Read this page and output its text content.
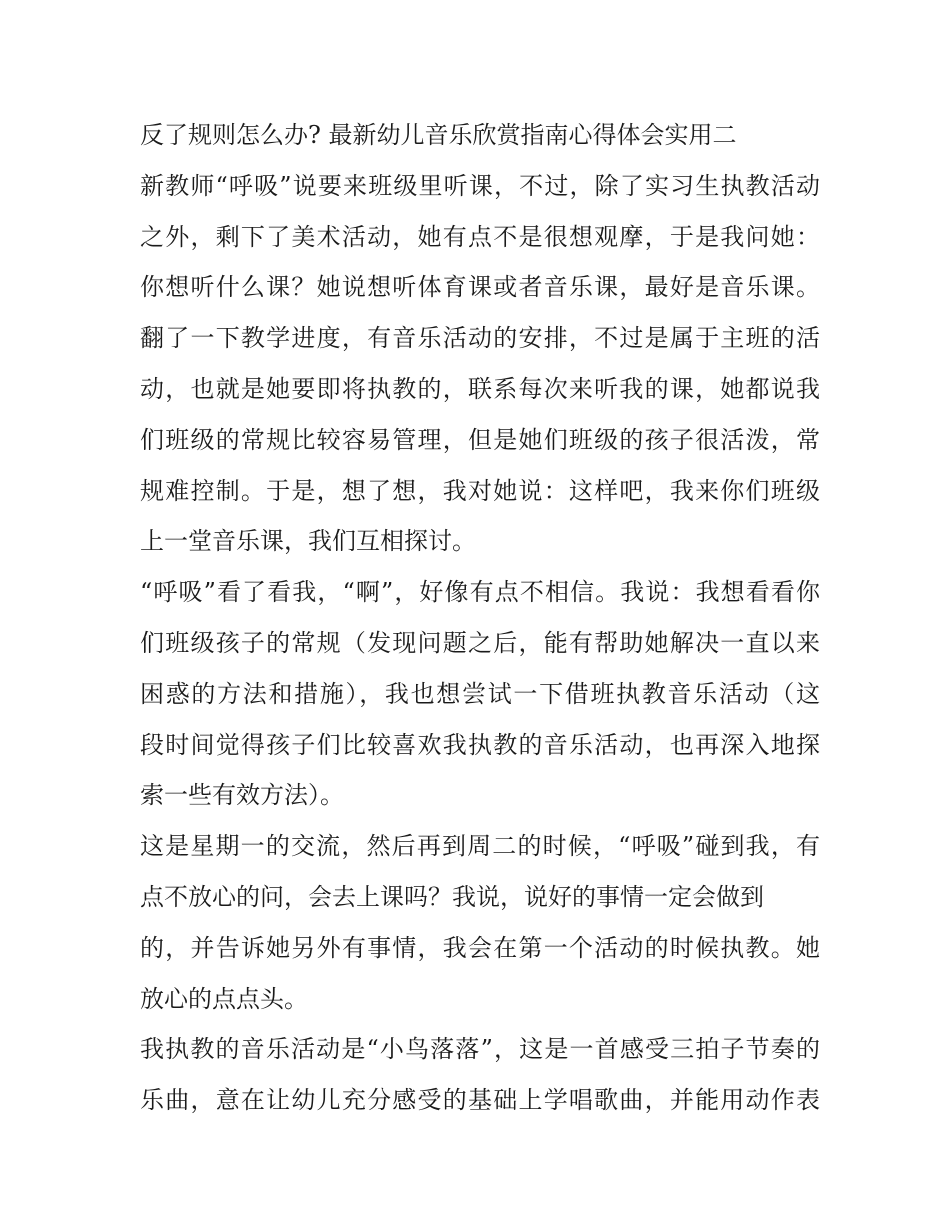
反了规则怎么办? 最新幼儿音乐欣赏指南心得体会实用二
新教师“呼吸”说要来班级里听课，不过，除了实习生执教活动
之外，剩下了美术活动，她有点不是很想观摩，于是我问她：
你想听什么课？她说想听体育课或者音乐课，最好是音乐课。
翻了一下教学进度，有音乐活动的安排，不过是属于主班的活
动，也就是她要即将执教的，联系每次来听我的课，她都说我
们班级的常规比较容易管理，但是她们班级的孩子很活泼，常
规难控制。于是，想了想，我对她说：这样吧，我来你们班级
上一堂音乐课，我们互相探讨。
“呼吸”看了看我，“啊”，好像有点不相信。我说：我想看看你
们班级孩子的常规（发现问题之后，能有帮助她解决一直以来
困惑的方法和措施），我也想尝试一下借班执教音乐活动（这
段时间觉得孩子们比较喜欢我执教的音乐活动，也再深入地探
索一些有效方法）。
这是星期一的交流，然后再到周二的时候，“呼吸”碰到我，有
点不放心的问，会去上课吗？我说，说好的事情一定会做到
的，并告诉她另外有事情，我会在第一个活动的时候执教。她
放心的点点头。
我执教的音乐活动是“小鸟落落”，这是一首感受三拍子节奏的
乐曲，意在让幼儿充分感受的基础上学唱歌曲，并能用动作表
